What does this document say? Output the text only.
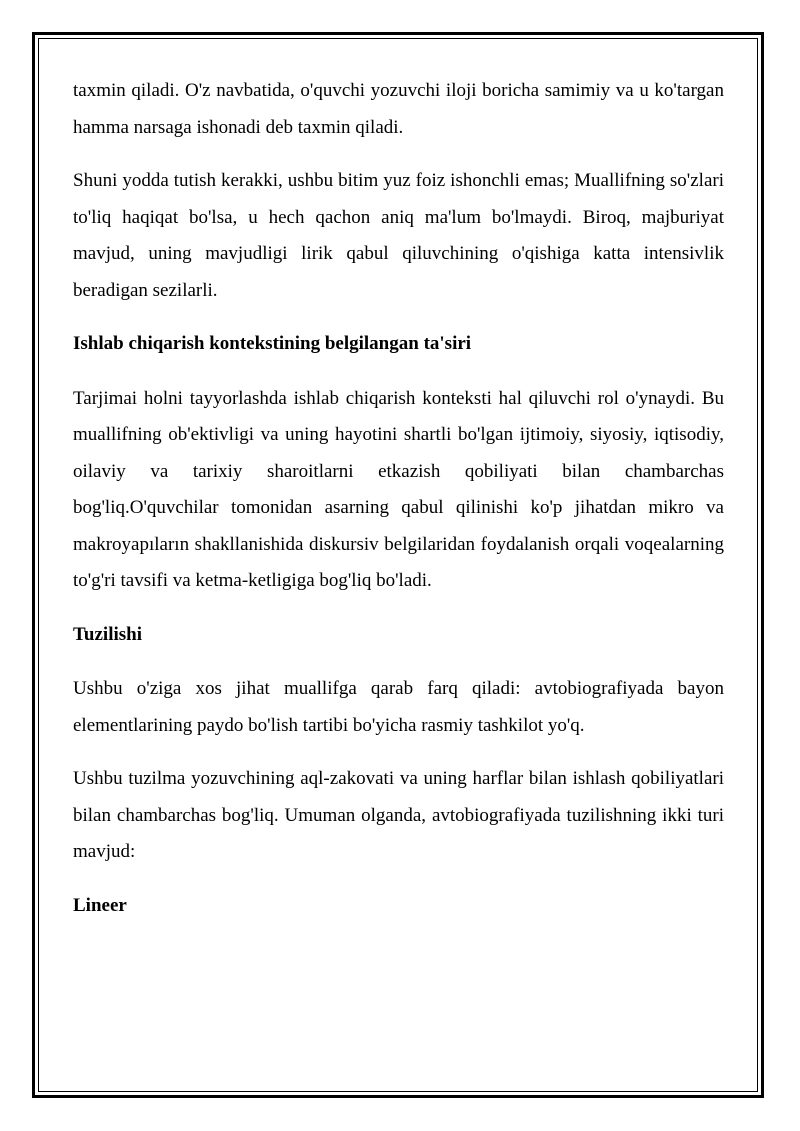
taxmin qiladi. O'z navbatida, o'quvchi yozuvchi iloji boricha samimiy va u ko'targan hamma narsaga ishonadi deb taxmin qiladi.

Shuni yodda tutish kerakki, ushbu bitim yuz foiz ishonchli emas; Muallifning so'zlari to'liq haqiqat bo'lsa, u hech qachon aniq ma'lum bo'lmaydi. Biroq, majburiyat mavjud, uning mavjudligi lirik qabul qiluvchining o'qishiga katta intensivlik beradigan sezilarli.

Ishlab chiqarish kontekstining belgilangan ta'siri

Tarjimai holni tayyorlashda ishlab chiqarish konteksti hal qiluvchi rol o'ynaydi. Bu muallifning ob'ektivligi va uning hayotini shartli bo'lgan ijtimoiy, siyosiy, iqtisodiy, oilaviy va tarixiy sharoitlarni etkazish qobiliyati bilan chambarchas bog'liq.O'quvchilar tomonidan asarning qabul qilinishi ko'p jihatdan mikro va makroyapıların shakllanishida diskursiv belgilaridan foydalanish orqali voqealarning to'g'ri tavsifi va ketma-ketligiga bog'liq bo'ladi.

Tuzilishi

Ushbu o'ziga xos jihat muallifga qarab farq qiladi: avtobiografiyada bayon elementlarining paydo bo'lish tartibi bo'yicha rasmiy tashkilot yo'q.

Ushbu tuzilma yozuvchining aql-zakovati va uning harflar bilan ishlash qobiliyatlari bilan chambarchas bog'liq. Umuman olganda, avtobiografiyada tuzilishning ikki turi mavjud:

Lineer
